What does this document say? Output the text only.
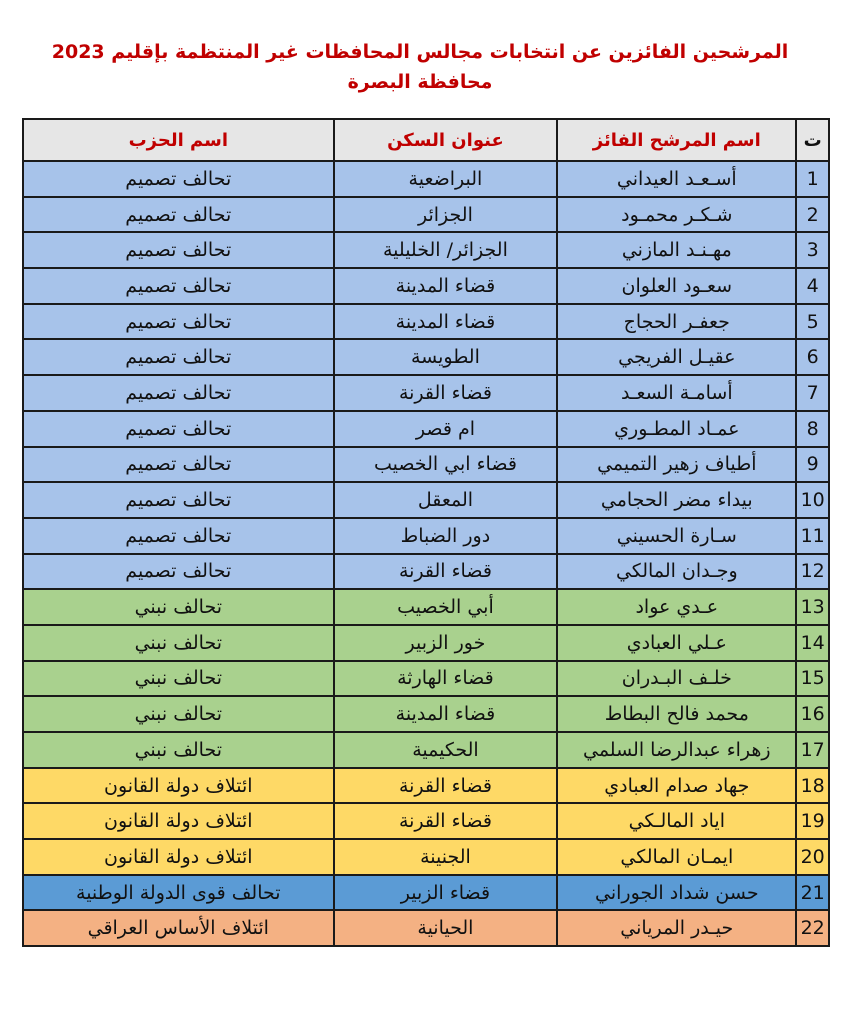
المرشحين الفائزين عن انتخابات مجالس المحافظات غير المنتظمة بإقليم 2023
محافظة البصرة
ت	اسم المرشح الفائز	عنوان السكن	اسم الحزب
1	أسـعـد العيداني	البراضعية	تحالف تصميم
2	شـكـر محمـود	الجزائر	تحالف تصميم
3	مهـنـد المازني	الجزائر/ الخليلية	تحالف تصميم
4	سعـود العلوان	قضاء المدينة	تحالف تصميم
5	جعفـر الحجاج	قضاء المدينة	تحالف تصميم
6	عقيـل الفريجي	الطويسة	تحالف تصميم
7	أسامـة السعـد	قضاء القرنة	تحالف تصميم
8	عمـاد المطـوري	ام قصر	تحالف تصميم
9	أطياف زهير التميمي	قضاء ابي الخصيب	تحالف تصميم
10	بيداء مضر الحجامي	المعقل	تحالف تصميم
11	سـارة الحسيني	دور الضباط	تحالف تصميم
12	وجـدان المالكي	قضاء القرنة	تحالف تصميم
13	عـدي عواد	أبي الخصيب	تحالف نبني
14	عـلي العبادي	خور الزبير	تحالف نبني
15	خلـف البـدران	قضاء الهارثة	تحالف نبني
16	محمد فالح البطاط	قضاء المدينة	تحالف نبني
17	زهراء عبدالرضا السلمي	الحكيمية	تحالف نبني
18	جهاد صدام العبادي	قضاء القرنة	ائتلاف دولة القانون
19	اياد المالـكي	قضاء القرنة	ائتلاف دولة القانون
20	ايمـان المالكي	الجنينة	ائتلاف دولة القانون
21	حسن شداد الجوراني	قضاء الزبير	تحالف قوى الدولة الوطنية
22	حيـدر المرياني	الحيانية	ائتلاف الأساس العراقي
